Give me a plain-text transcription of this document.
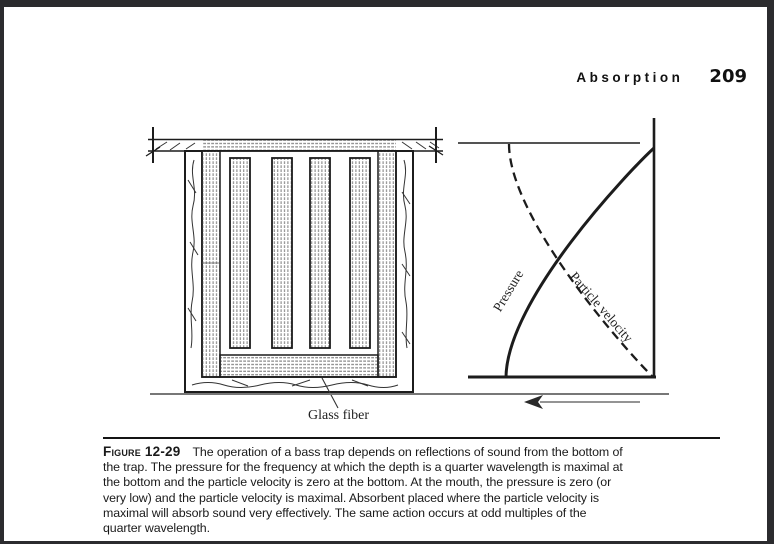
Absorption 209
Pressure	Particle velocity
Glass fiber
Figure 12-29 The operation of a bass trap depends on reflections of sound from the bottom of
the trap. The pressure for the frequency at which the depth is a quarter wavelength is maximal at
the bottom and the particle velocity is zero at the bottom. At the mouth, the pressure is zero (or
very low) and the particle velocity is maximal. Absorbent placed where the particle velocity is
maximal will absorb sound very effectively. The same action occurs at odd multiples of the
quarter wavelength.
